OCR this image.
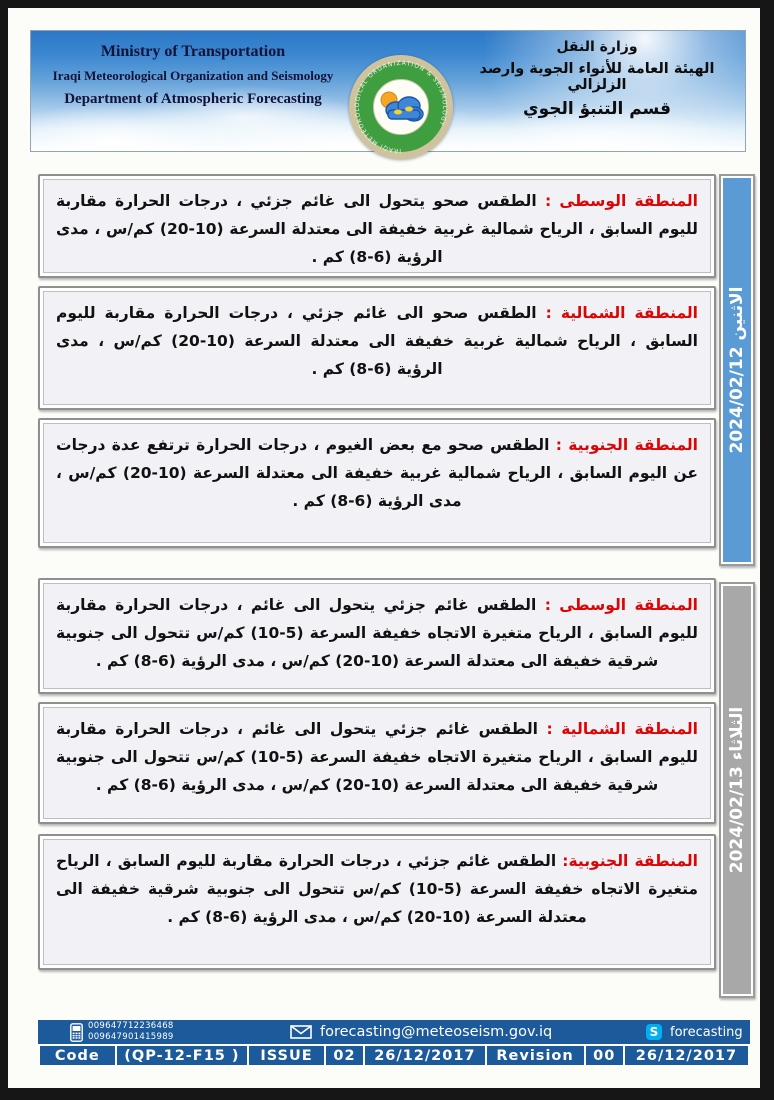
Ministry of Transportation
Iraqi Meteorological Organization and Seismology
Department of Atmospheric Forecasting
IRAQI METEOROLOGICAL ORGANIZATION & SEISMOLOGY
وزارة النقل
الهيئة العامة للأنواء الجوية وارصد الزلزالي
قسم التنبؤ الجوي
المنطقة الوسطى : الطقس صحو يتحول الى غائم جزئي ، درجات الحرارة مقاربة لليوم السابق ، الرياح شمالية غربية خفيفة الى معتدلة السرعة (10-20) كم/س ، مدى الرؤية (6-8) كم .
المنطقة الشمالية : الطقس صحو الى غائم جزئي ، درجات الحرارة مقاربة لليوم السابق ، الرياح شمالية غربية خفيفة الى معتدلة السرعة (10-20) كم/س ، مدى الرؤية (6-8) كم .
المنطقة الجنوبية : الطقس صحو مع بعض الغيوم ، درجات الحرارة ترتفع عدة درجات عن اليوم السابق ، الرياح شمالية غربية خفيفة الى معتدلة السرعة (10-20) كم/س ، مدى الرؤية (6-8) كم .
الاثنين 2024/02/12
المنطقة الوسطى : الطقس غائم جزئي يتحول الى غائم ، درجات الحرارة مقاربة لليوم السابق ، الرياح متغيرة الاتجاه خفيفة السرعة (5-10) كم/س تتحول الى جنوبية شرقية خفيفة الى معتدلة السرعة (10-20) كم/س ، مدى الرؤية (6-8) كم .
المنطقة الشمالية : الطقس غائم جزئي يتحول الى غائم ، درجات الحرارة مقاربة لليوم السابق ، الرياح متغيرة الاتجاه خفيفة السرعة (5-10) كم/س تتحول الى جنوبية شرقية خفيفة الى معتدلة السرعة (10-20) كم/س ، مدى الرؤية (6-8) كم .
المنطقة الجنوبية: الطقس غائم جزئي ، درجات الحرارة مقاربة لليوم السابق ، الرياح متغيرة الاتجاه خفيفة السرعة (5-10) كم/س تتحول الى جنوبية شرقية خفيفة الى معتدلة السرعة (10-20) كم/س ، مدى الرؤية (6-8) كم .
الثلاثاء 2024/02/13
009647712236468
009647901415989	forecasting@meteoseism.gov.iq	S forecasting
Code	(QP-12-F15 )	ISSUE	02	26/12/2017	Revision	00	26/12/2017
